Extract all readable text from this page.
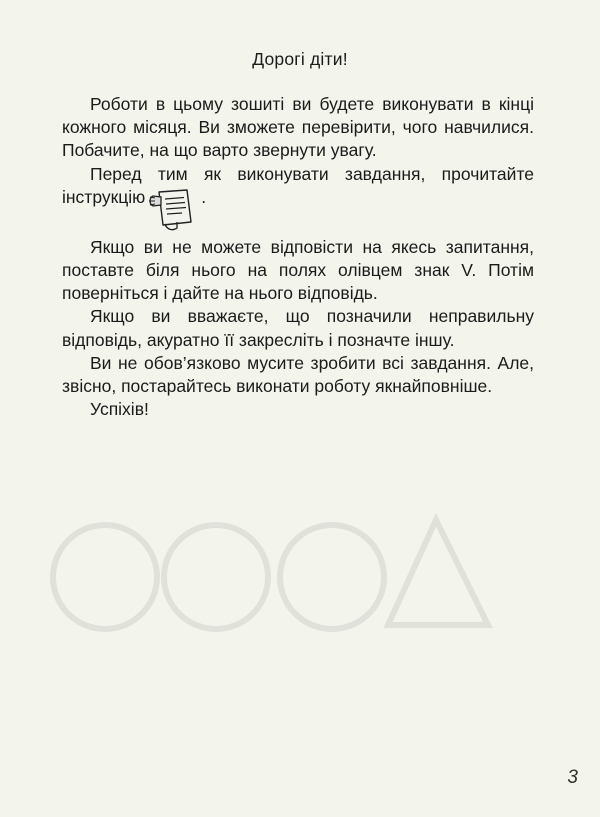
Дорогі діти!

Роботи в цьому зошиті ви будете виконувати в кінці кожного місяця. Ви зможете перевірити, чого навчилися. Побачите, на що варто звернути увагу.

Перед тим як виконувати завдання, прочитайте

інструкцію	.

Якщо ви не можете відповісти на якесь запитання, поставте біля нього на полях олівцем знак V. Потім поверніться і дайте на нього відповідь.

Якщо ви вважаєте, що позначили неправильну відповідь, акуратно її закресліть і позначте іншу.

Ви не обов’язково мусите зробити всі завдання. Але, звісно, постарайтесь виконати роботу якнайповніше.

Успіхів!

3
